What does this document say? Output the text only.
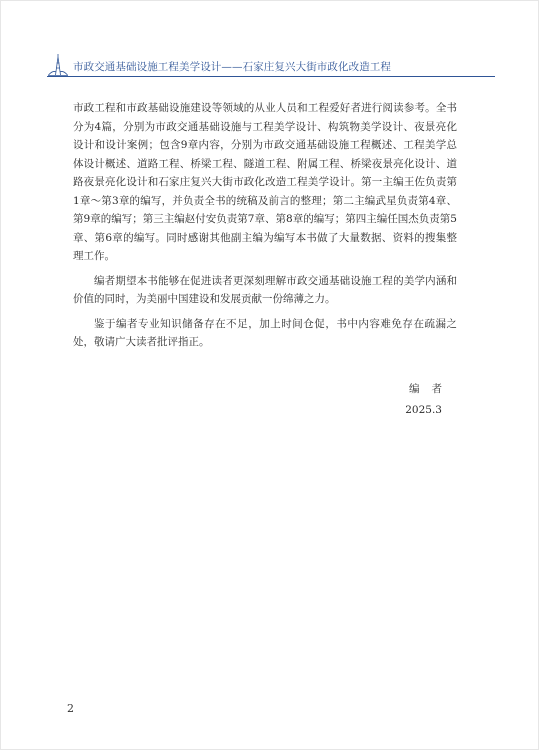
市政交通基础设施工程美学设计——石家庄复兴大街市政化改造工程

市政工程和市政基础设施建设等领域的从业人员和工程爱好者进行阅读参考。全书分为4篇，分别为市政交通基础设施与工程美学设计、构筑物美学设计、夜景亮化设计和设计案例；包含9章内容，分别为市政交通基础设施工程概述、工程美学总体设计概述、道路工程、桥梁工程、隧道工程、附属工程、桥梁夜景亮化设计、道路夜景亮化设计和石家庄复兴大街市政化改造工程美学设计。第一主编王佐负责第1章～第3章的编写，并负责全书的统稿及前言的整理；第二主编武星负责第4章、第9章的编写；第三主编赵付安负责第7章、第8章的编写；第四主编任国杰负责第5章、第6章的编写。同时感谢其他副主编为编写本书做了大量数据、资料的搜集整理工作。

编者期望本书能够在促进读者更深刻理解市政交通基础设施工程的美学内涵和价值的同时，为美丽中国建设和发展贡献一份绵薄之力。

鉴于编者专业知识储备存在不足，加上时间仓促，书中内容难免存在疏漏之处，敬请广大读者批评指正。

编者
2025.3
2
